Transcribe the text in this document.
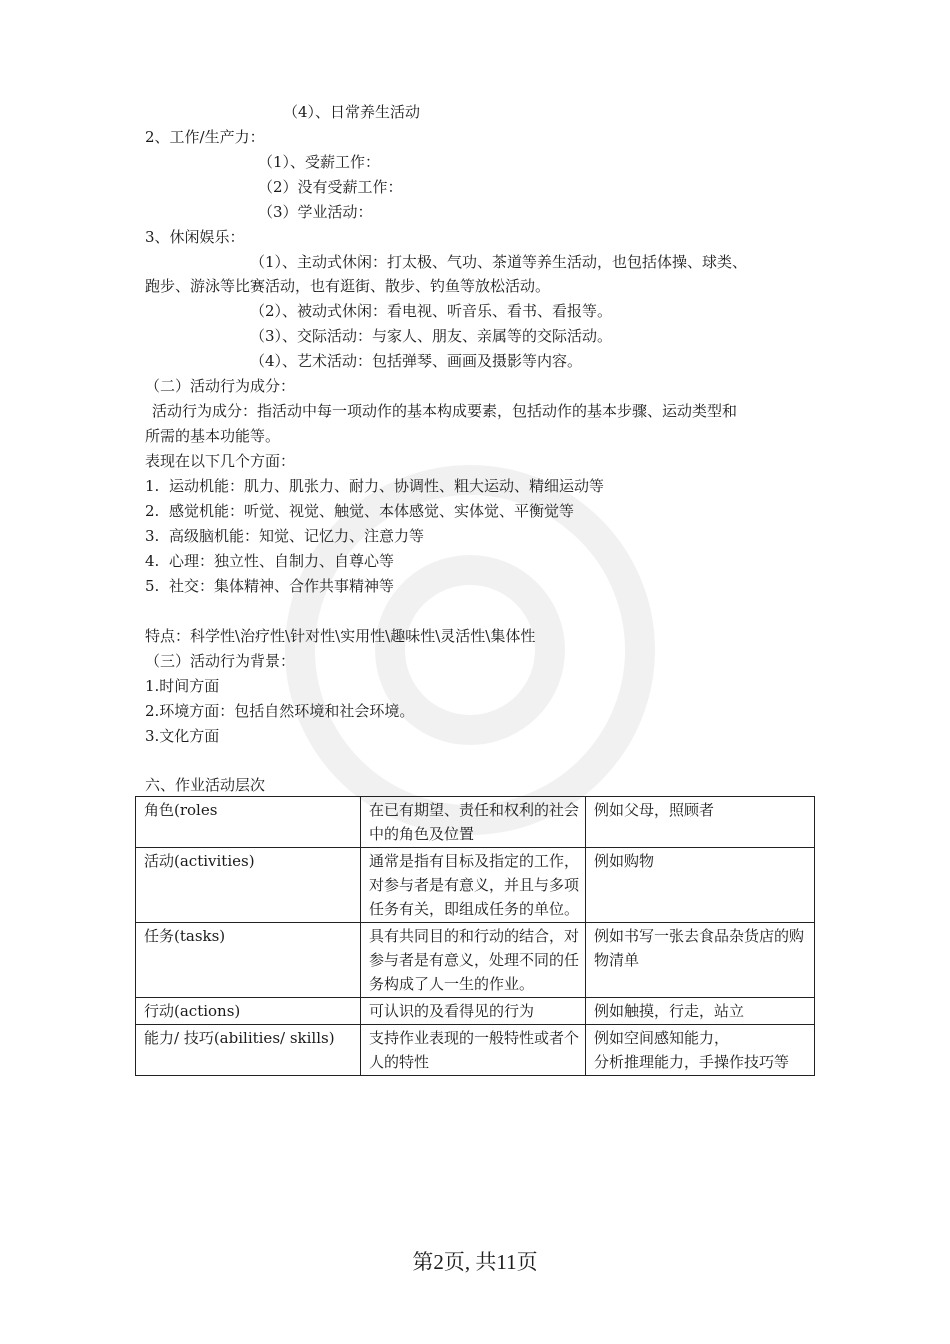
（4）、日常养生活动
2、工作/生产力：
（1）、受薪工作：
（2）没有受薪工作：
（3）学业活动：
3、休闲娱乐：
（1）、主动式休闲：打太极、气功、茶道等养生活动，也包括体操、球类、
跑步、游泳等比赛活动，也有逛街、散步、钓鱼等放松活动。
（2）、被动式休闲：看电视、听音乐、看书、看报等。
（3）、交际活动：与家人、朋友、亲属等的交际活动。
（4）、艺术活动：包括弹琴、画画及摄影等内容。
（二）活动行为成分：
活动行为成分：指活动中每一项动作的基本构成要素，包括动作的基本步骤、运动类型和
所需的基本功能等。
表现在以下几个方面：
1. 运动机能：肌力、肌张力、耐力、协调性、粗大运动、精细运动等
2. 感觉机能：听觉、视觉、触觉、本体感觉、实体觉、平衡觉等
3. 高级脑机能：知觉、记忆力、注意力等
4. 心理：独立性、自制力、自尊心等
5. 社交：集体精神、合作共事精神等
特点：科学性\治疗性\针对性\实用性\趣味性\灵活性\集体性
（三）活动行为背景：
1.时间方面
2.环境方面：包括自然环境和社会环境。
3.文化方面
六、作业活动层次
角色(roles	在已有期望、责任和权利的社会中的角色及位置	例如父母，照顾者
活动(activities)	通常是指有目标及指定的工作，对参与者是有意义，并且与多项任务有关，即组成任务的单位。	例如购物
任务(tasks)	具有共同目的和行动的结合，对参与者是有意义，处理不同的任务构成了人一生的作业。	例如书写一张去食品杂货店的购物清单
行动(actions)	可认识的及看得见的行为	例如触摸，行走，站立
能力/ 技巧(abilities/ skills)	支持作业表现的一般特性或者个人的特性	例如空间感知能力，
分析推理能力，手操作技巧等
第2页, 共11页
